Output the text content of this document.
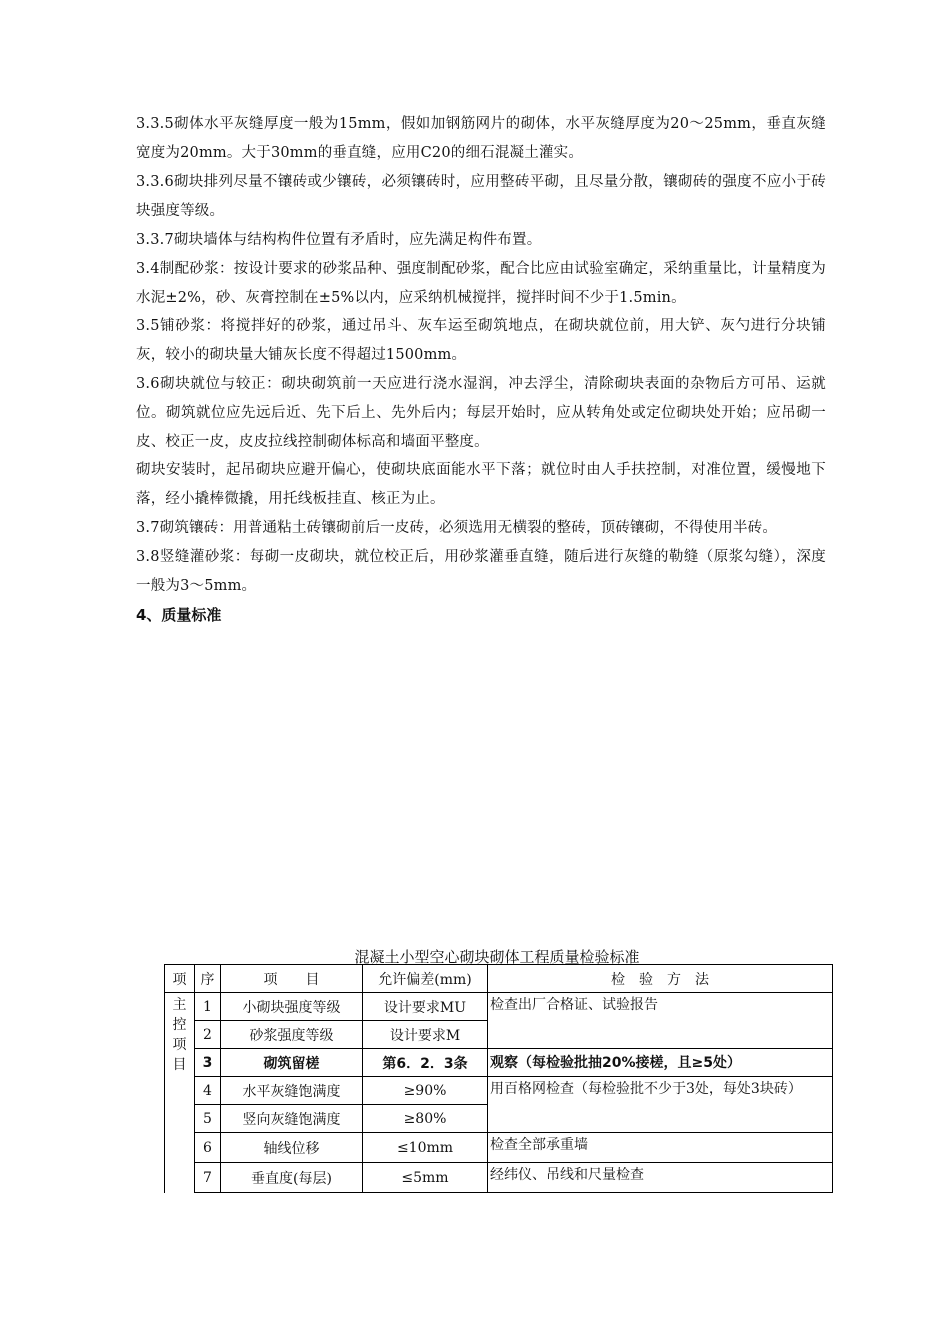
3.3.5砌体水平灰缝厚度一般为15mm，假如加钢筋网片的砌体，水平灰缝厚度为20～25mm，垂直灰缝宽度为20mm。大于30mm的垂直缝，应用C20的细石混凝土灌实。
3.3.6砌块排列尽量不镶砖或少镶砖，必须镶砖时，应用整砖平砌，且尽量分散，镶砌砖的强度不应小于砖块强度等级。
3.3.7砌块墙体与结构构件位置有矛盾时，应先满足构件布置。
3.4制配砂浆：按设计要求的砂浆品种、强度制配砂浆，配合比应由试验室确定，采纳重量比，计量精度为水泥±2%，砂、灰膏控制在±5%以内，应采纳机械搅拌，搅拌时间不少于1.5min。
3.5铺砂浆：将搅拌好的砂浆，通过吊斗、灰车运至砌筑地点，在砌块就位前，用大铲、灰勺进行分块铺灰，较小的砌块量大铺灰长度不得超过1500mm。
3.6砌块就位与较正：砌块砌筑前一天应进行浇水湿润，冲去浮尘，清除砌块表面的杂物后方可吊、运就位。砌筑就位应先远后近、先下后上、先外后内；每层开始时，应从转角处或定位砌块处开始；应吊砌一皮、校正一皮，皮皮拉线控制砌体标高和墙面平整度。
砌块安装时，起吊砌块应避开偏心，使砌块底面能水平下落；就位时由人手扶控制，对准位置，缓慢地下落，经小撬棒微撬，用托线板挂直、核正为止。
3.7砌筑镶砖：用普通粘土砖镶砌前后一皮砖，必须选用无横裂的整砖，顶砖镶砌，不得使用半砖。
3.8竖缝灌砂浆：每砌一皮砌块，就位校正后，用砂浆灌垂直缝，随后进行灰缝的勒缝（原浆勾缝），深度一般为3～5mm。
4、质量标准
混凝土小型空心砌块砌体工程质量检验标准
项	序	项　　目	允许偏差(mm)	检　验　方　法
主控项目	1	小砌块强度等级	设计要求MU	检查出厂合格证、试验报告
	2	砂浆强度等级	设计要求M	
	3	砌筑留槎	第6．2．3条	观察（每检验批抽20%接槎，且≥5处）
	4	水平灰缝饱满度	≥90%	用百格网检查（每检验批不少于3处，每处3块砖）
	5	竖向灰缝饱满度	≥80%	
	6	轴线位移	≤10mm	检查全部承重墙
	7	垂直度(每层)	≤5mm	经纬仪、吊线和尺量检查
